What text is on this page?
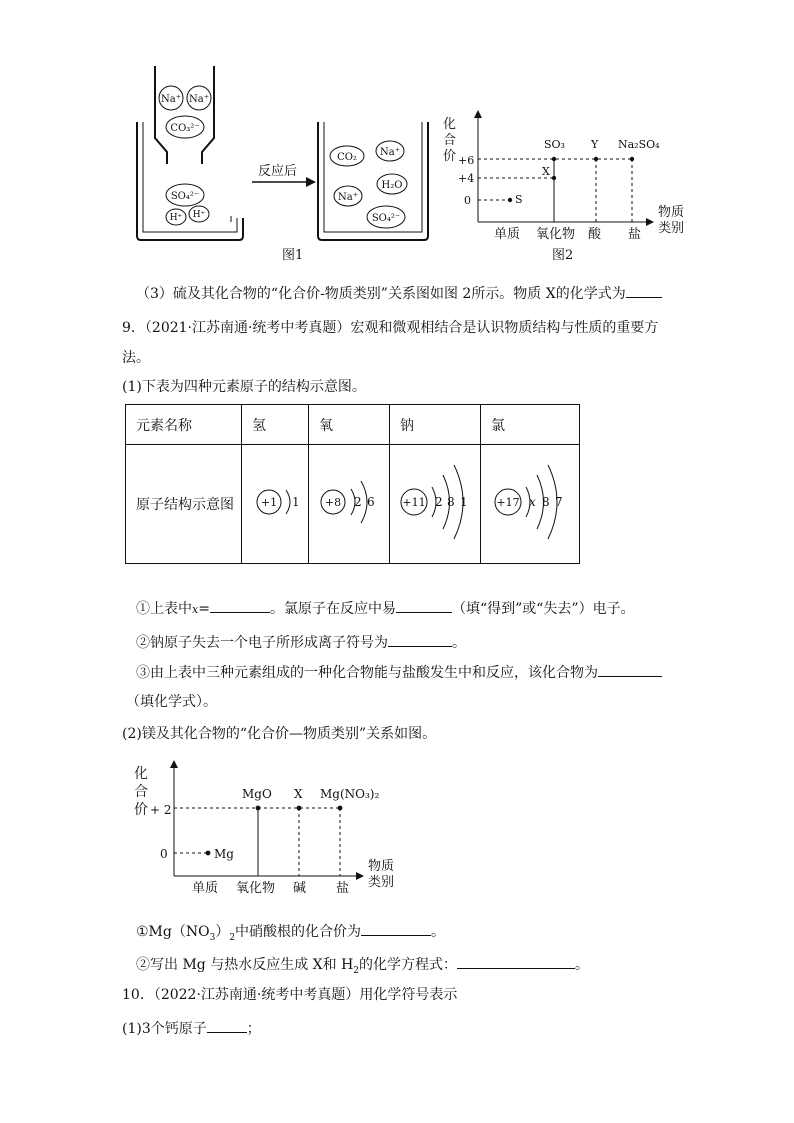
Na⁺ Na⁺
CO₃²⁻
SO₄²⁻
H⁺ H⁺
反应后
CO₂ Na⁺
H₂O
Na⁺
SO₄²⁻
图1
化
合
价 +6
+4
0	S
X
SO₃ Y Na₂SO₄
单质 氧化物 酸 盐
物质
类别
图2
（3）硫及其化合物的“化合价-物质类别”关系图如图 2所示。物质 X的化学式为
9．（2021·江苏南通·统考中考真题）宏观和微观相结合是认识物质结构与性质的重要方
法。
(1)下表为四种元素原子的结构示意图。
元素名称	氢	氧	钠	氯
原子结构示意图	+1 1	+8 2 6	+11 2 8 1	+17 x 8 7
①上表中x=	。氯原子在反应中易	（填“得到”或“失去”）电子。
②钠原子失去一个电子所形成离子符号为	。
③由上表中三种元素组成的一种化合物能与盐酸发生中和反应，该化合物为
（填化学式）。
(2)镁及其化合物的“化合价—物质类别”关系如图。
化
合
价 + 2
0	Mg
MgO X Mg(NO₃)₂
单质 氧化物 碱 盐
物质
类别
$①Mg(NO_3)_2$中硝酸根的化合价为	。
②写出 Mg 与热水反应生成 X和 $H_2$的化学方程式：	。
10．（2022·江苏南通·统考中考真题）用化学符号表示
(1)3个钙原子	；
